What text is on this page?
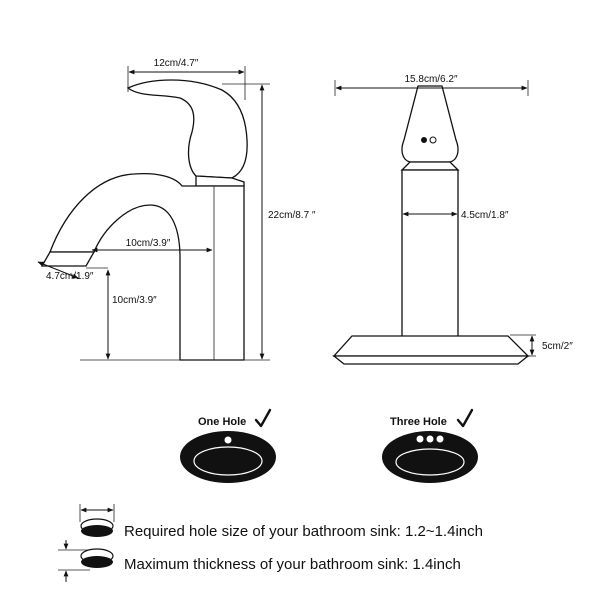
12cm/4.7″
22cm/8.7 ″
10cm/3.9″
10cm/3.9″
4.7cm/1.9″
15.8cm/6.2″
4.5cm/1.8″
5cm/2″
One Hole	Three Hole
Required hole size of your bathroom sink: 1.2~1.4inch
Maximum thickness of your bathroom sink: 1.4inch
